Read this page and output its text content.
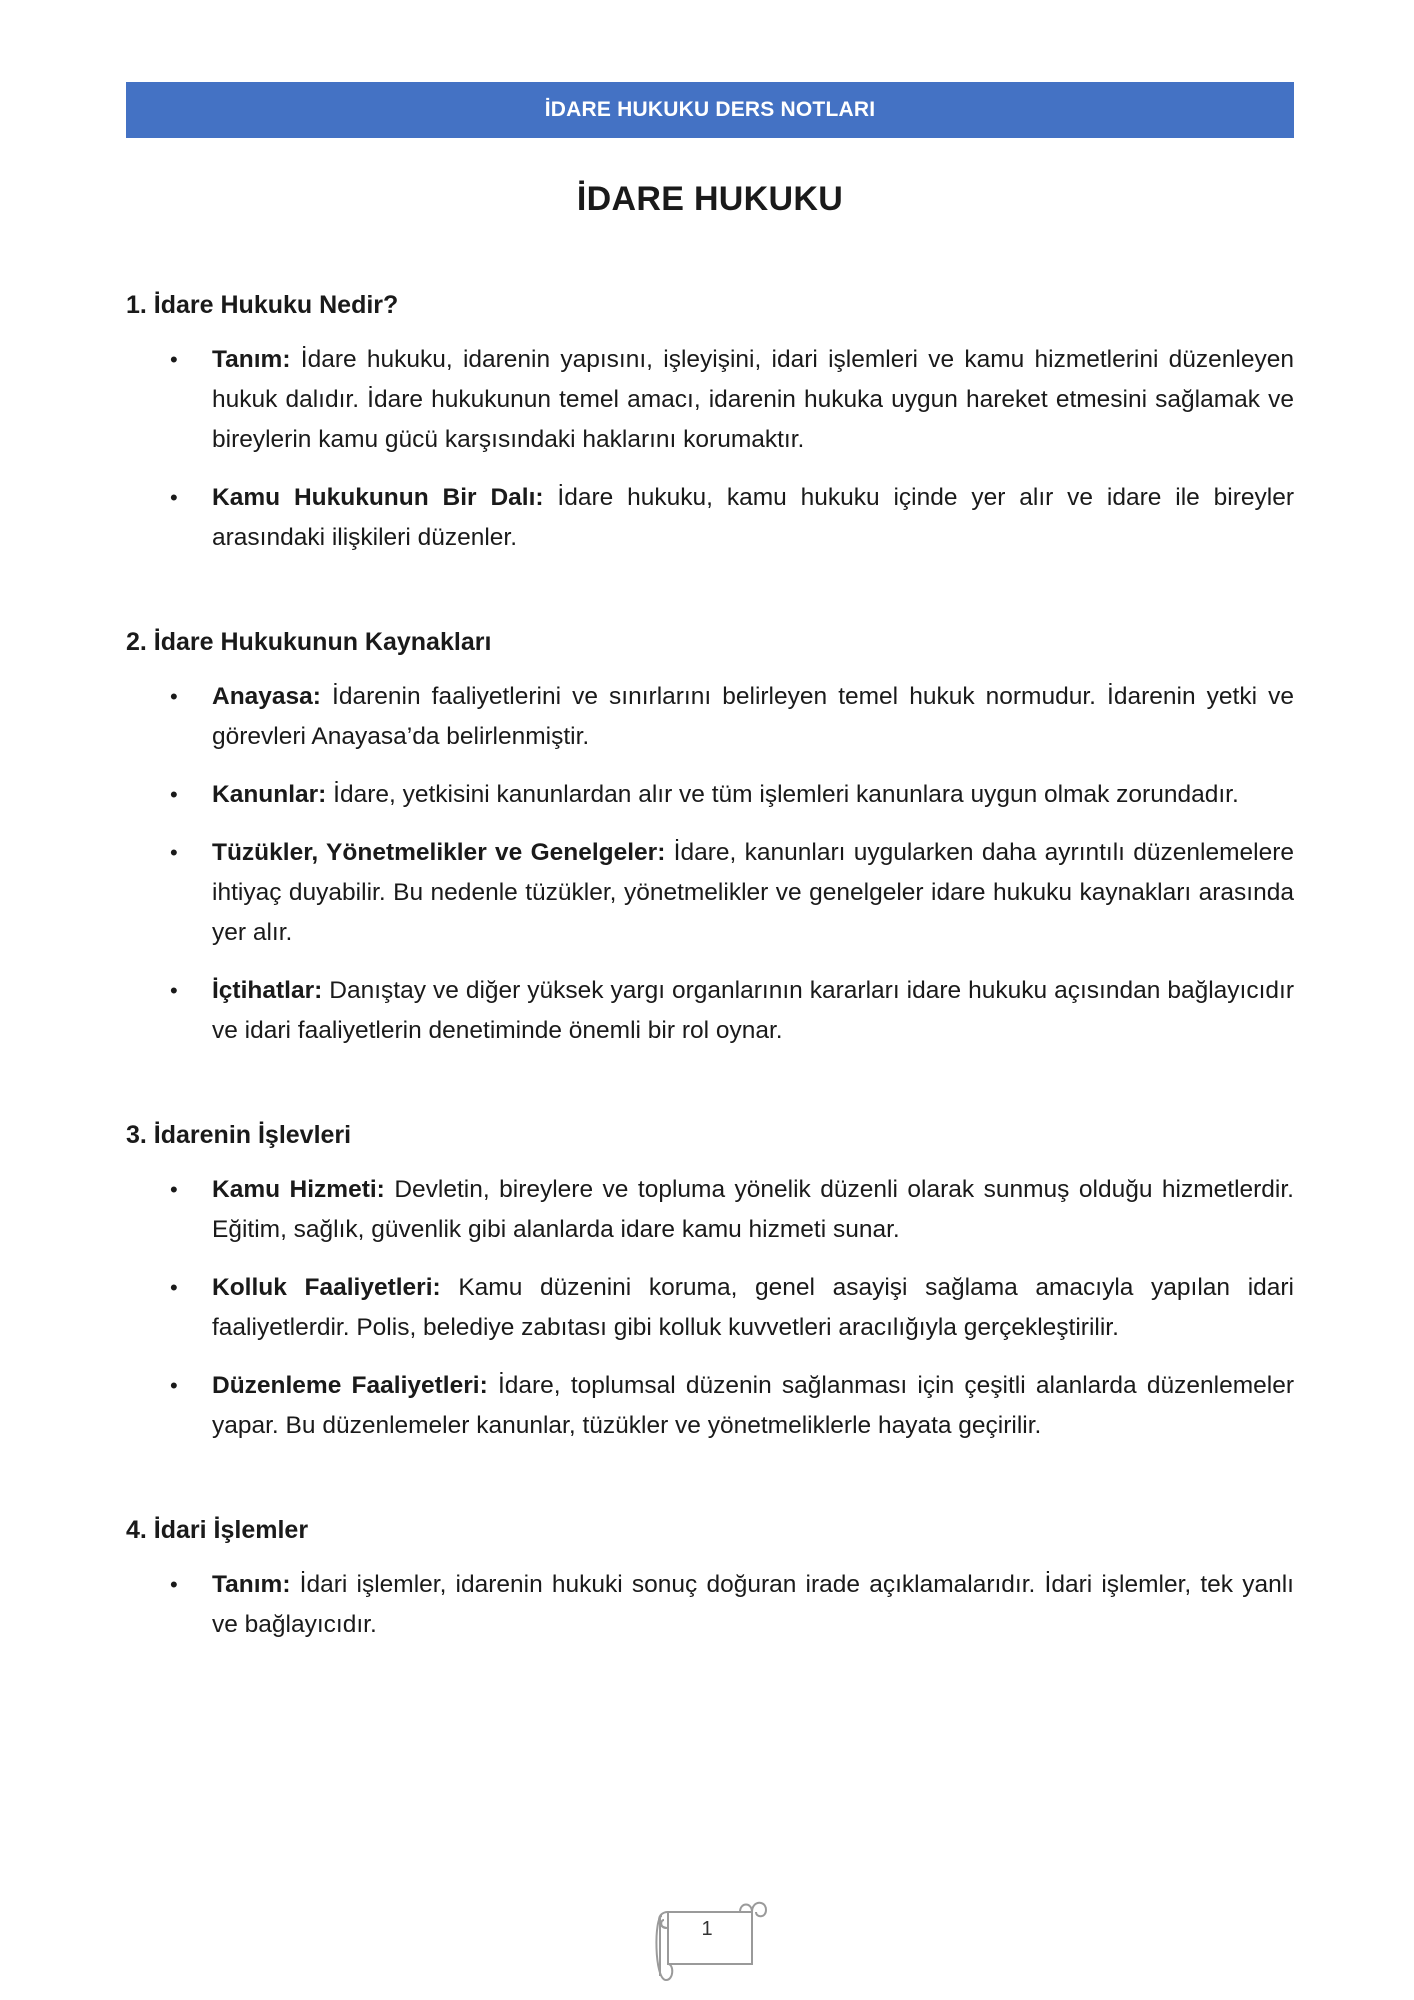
İDARE HUKUKU DERS NOTLARI
İDARE HUKUKU
1. İdare Hukuku Nedir?
• Tanım: İdare hukuku, idarenin yapısını, işleyişini, idari işlemleri ve kamu hizmetlerini düzenleyen hukuk dalıdır. İdare hukukunun temel amacı, idarenin hukuka uygun hareket etmesini sağlamak ve bireylerin kamu gücü karşısındaki haklarını korumaktır.
• Kamu Hukukunun Bir Dalı: İdare hukuku, kamu hukuku içinde yer alır ve idare ile bireyler arasındaki ilişkileri düzenler.
2. İdare Hukukunun Kaynakları
• Anayasa: İdarenin faaliyetlerini ve sınırlarını belirleyen temel hukuk normudur. İdarenin yetki ve görevleri Anayasa’da belirlenmiştir.
• Kanunlar: İdare, yetkisini kanunlardan alır ve tüm işlemleri kanunlara uygun olmak zorundadır.
• Tüzükler, Yönetmelikler ve Genelgeler: İdare, kanunları uygularken daha ayrıntılı düzenlemelere ihtiyaç duyabilir. Bu nedenle tüzükler, yönetmelikler ve genelgeler idare hukuku kaynakları arasında yer alır.
• İçtihatlar: Danıştay ve diğer yüksek yargı organlarının kararları idare hukuku açısından bağlayıcıdır ve idari faaliyetlerin denetiminde önemli bir rol oynar.
3. İdarenin İşlevleri
• Kamu Hizmeti: Devletin, bireylere ve topluma yönelik düzenli olarak sunmuş olduğu hizmetlerdir. Eğitim, sağlık, güvenlik gibi alanlarda idare kamu hizmeti sunar.
• Kolluk Faaliyetleri: Kamu düzenini koruma, genel asayişi sağlama amacıyla yapılan idari faaliyetlerdir. Polis, belediye zabıtası gibi kolluk kuvvetleri aracılığıyla gerçekleştirilir.
• Düzenleme Faaliyetleri: İdare, toplumsal düzenin sağlanması için çeşitli alanlarda düzenlemeler yapar. Bu düzenlemeler kanunlar, tüzükler ve yönetmeliklerle hayata geçirilir.
4. İdari İşlemler
• Tanım: İdari işlemler, idarenin hukuki sonuç doğuran irade açıklamalarıdır. İdari işlemler, tek yanlı ve bağlayıcıdır.
1
